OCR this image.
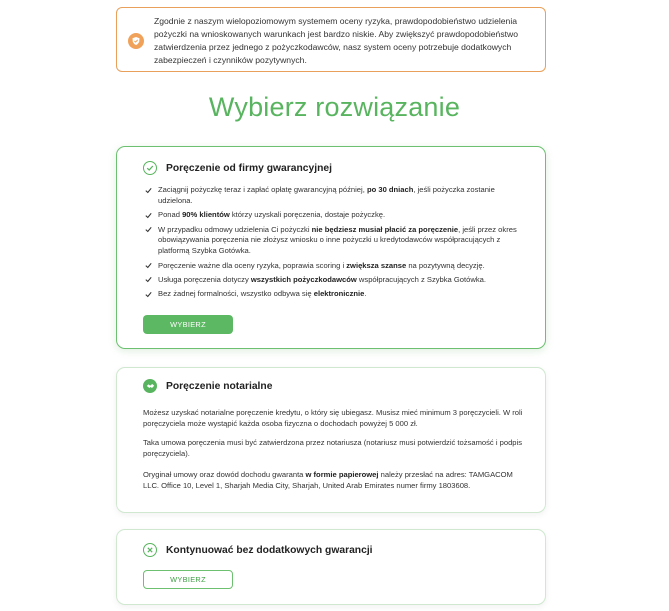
Zgodnie z naszym wielopoziomowym systemem oceny ryzyka, prawdopodobieństwo udzielenia pożyczki na wnioskowanych warunkach jest bardzo niskie. Aby zwiększyć prawdopodobieństwo zatwierdzenia przez jednego z pożyczkodawców, nasz system oceny potrzebuje dodatkowych zabezpieczeń i czynników pozytywnych.

Wybierz rozwiązanie
Poręczenie od firmy gwarancyjnej
Zaciągnij pożyczkę teraz i zapłać opłatę gwarancyjną później, po 30 dniach, jeśli pożyczka zostanie udzielona.
Ponad 90% klientów którzy uzyskali poręczenia, dostaje pożyczkę.
W przypadku odmowy udzielenia Ci pożyczki nie będziesz musiał płacić za poręczenie, jeśli przez okres obowiązywania poręczenia nie złożysz wniosku o inne pożyczki u kredytodawców współpracujących z platformą Szybka Gotówka.
Poręczenie ważne dla oceny ryzyka, poprawia scoring i zwiększa szanse na pozytywną decyzję.
Usługa poręczenia dotyczy wszystkich pożyczkodawców współpracujących z Szybka Gotówka.
Bez żadnej formalności, wszystko odbywa się elektronicznie.
WYBIERZ
Poręczenie notarialne

Możesz uzyskać notarialne poręczenie kredytu, o który się ubiegasz. Musisz mieć minimum 3 poręczycieli. W roli poręczyciela może wystąpić każda osoba fizyczna o dochodach powyżej 5 000 zł.

Taka umowa poręczenia musi być zatwierdzona przez notariusza (notariusz musi potwierdzić tożsamość i podpis poręczyciela).

Oryginał umowy oraz dowód dochodu gwaranta w formie papierowej należy przesłać na adres: TAMGACOM LLC. Office 10, Level 1, Sharjah Media City, Sharjah, United Arab Emirates numer firmy 1803608.

Kontynuować bez dodatkowych gwarancji
WYBIERZ
